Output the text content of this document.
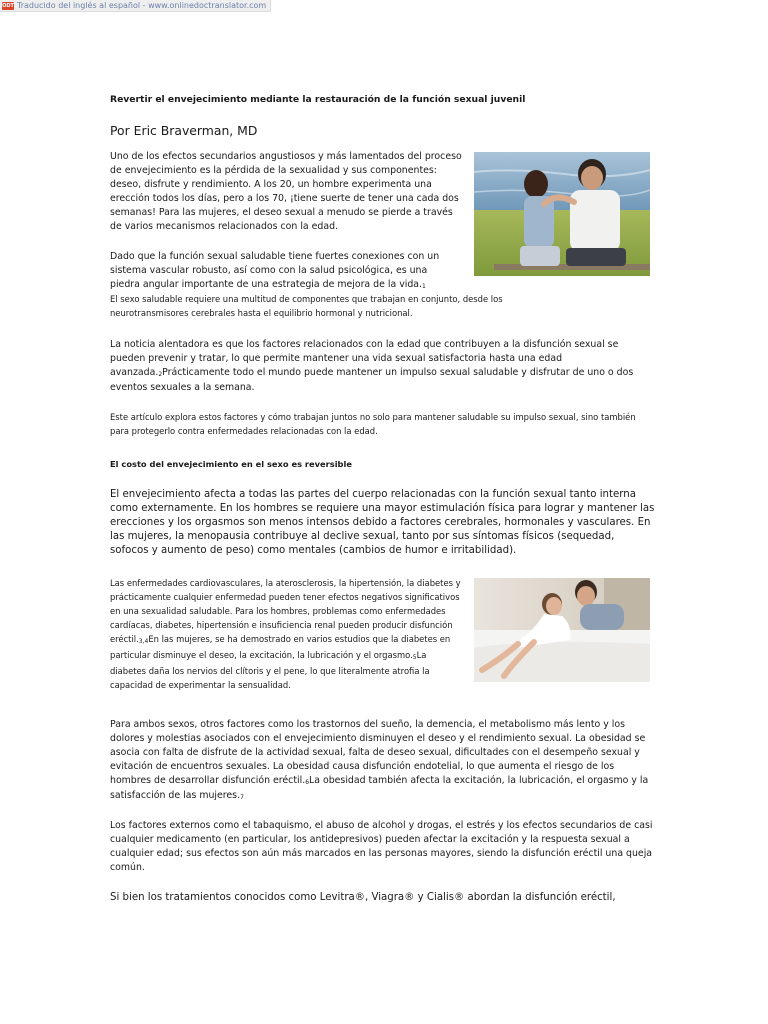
ODT Traducido del inglés al español - www.onlinedoctranslator.com

Revertir el envejecimiento mediante la restauración de la función sexual juvenil

Por Eric Braverman, MD

Uno de los efectos secundarios angustiosos y más lamentados del proceso de envejecimiento es la pérdida de la sexualidad y sus componentes: deseo, disfrute y rendimiento. A los 20, un hombre experimenta una erección todos los días, pero a los 70, ¡tiene suerte de tener una cada dos semanas! Para las mujeres, el deseo sexual a menudo se pierde a través de varios mecanismos relacionados con la edad.

Dado que la función sexual saludable tiene fuertes conexiones con un sistema vascular robusto, así como con la salud psicológica, es una piedra angular importante de una estrategia de mejora de la vida.$^1$

El sexo saludable requiere una multitud de componentes que trabajan en conjunto, desde los neurotransmisores cerebrales hasta el equilibrio hormonal y nutricional.

La noticia alentadora es que los factores relacionados con la edad que contribuyen a la disfunción sexual se pueden prevenir y tratar, lo que permite mantener una vida sexual satisfactoria hasta una edad avanzada.$^2$Prácticamente todo el mundo puede mantener un impulso sexual saludable y disfrutar de uno o dos eventos sexuales a la semana.

Este artículo explora estos factores y cómo trabajan juntos no solo para mantener saludable su impulso sexual, sino también para protegerlo contra enfermedades relacionadas con la edad.

El costo del envejecimiento en el sexo es reversible

El envejecimiento afecta a todas las partes del cuerpo relacionadas con la función sexual tanto interna como externamente. En los hombres se requiere una mayor estimulación física para lograr y mantener las erecciones y los orgasmos son menos intensos debido a factores cerebrales, hormonales y vasculares. En las mujeres, la menopausia contribuye al declive sexual, tanto por sus síntomas físicos (sequedad, sofocos y aumento de peso) como mentales (cambios de humor e irritabilidad).

Las enfermedades cardiovasculares, la aterosclerosis, la hipertensión, la diabetes y prácticamente cualquier enfermedad pueden tener efectos negativos significativos en una sexualidad saludable. Para los hombres, problemas como enfermedades cardíacas, diabetes, hipertensión e insuficiencia renal pueden producir disfunción eréctil.$^{3,4}$En las mujeres, se ha demostrado en varios estudios que la diabetes en particular disminuye el deseo, la excitación, la lubricación y el orgasmo.$^5$La diabetes daña los nervios del clítoris y el pene, lo que literalmente atrofia la capacidad de experimentar la sensualidad.

Para ambos sexos, otros factores como los trastornos del sueño, la demencia, el metabolismo más lento y los dolores y molestias asociados con el envejecimiento disminuyen el deseo y el rendimiento sexual. La obesidad se asocia con falta de disfrute de la actividad sexual, falta de deseo sexual, dificultades con el desempeño sexual y evitación de encuentros sexuales. La obesidad causa disfunción endotelial, lo que aumenta el riesgo de los hombres de desarrollar disfunción eréctil.$^6$La obesidad también afecta la excitación, la lubricación, el orgasmo y la satisfacción de las mujeres.$^7$

Los factores externos como el tabaquismo, el abuso de alcohol y drogas, el estrés y los efectos secundarios de casi cualquier medicamento (en particular, los antidepresivos) pueden afectar la excitación y la respuesta sexual a cualquier edad; sus efectos son aún más marcados en las personas mayores, siendo la disfunción eréctil una queja común.

Si bien los tratamientos conocidos como Levitra®, Viagra® y Cialis® abordan la disfunción eréctil,
